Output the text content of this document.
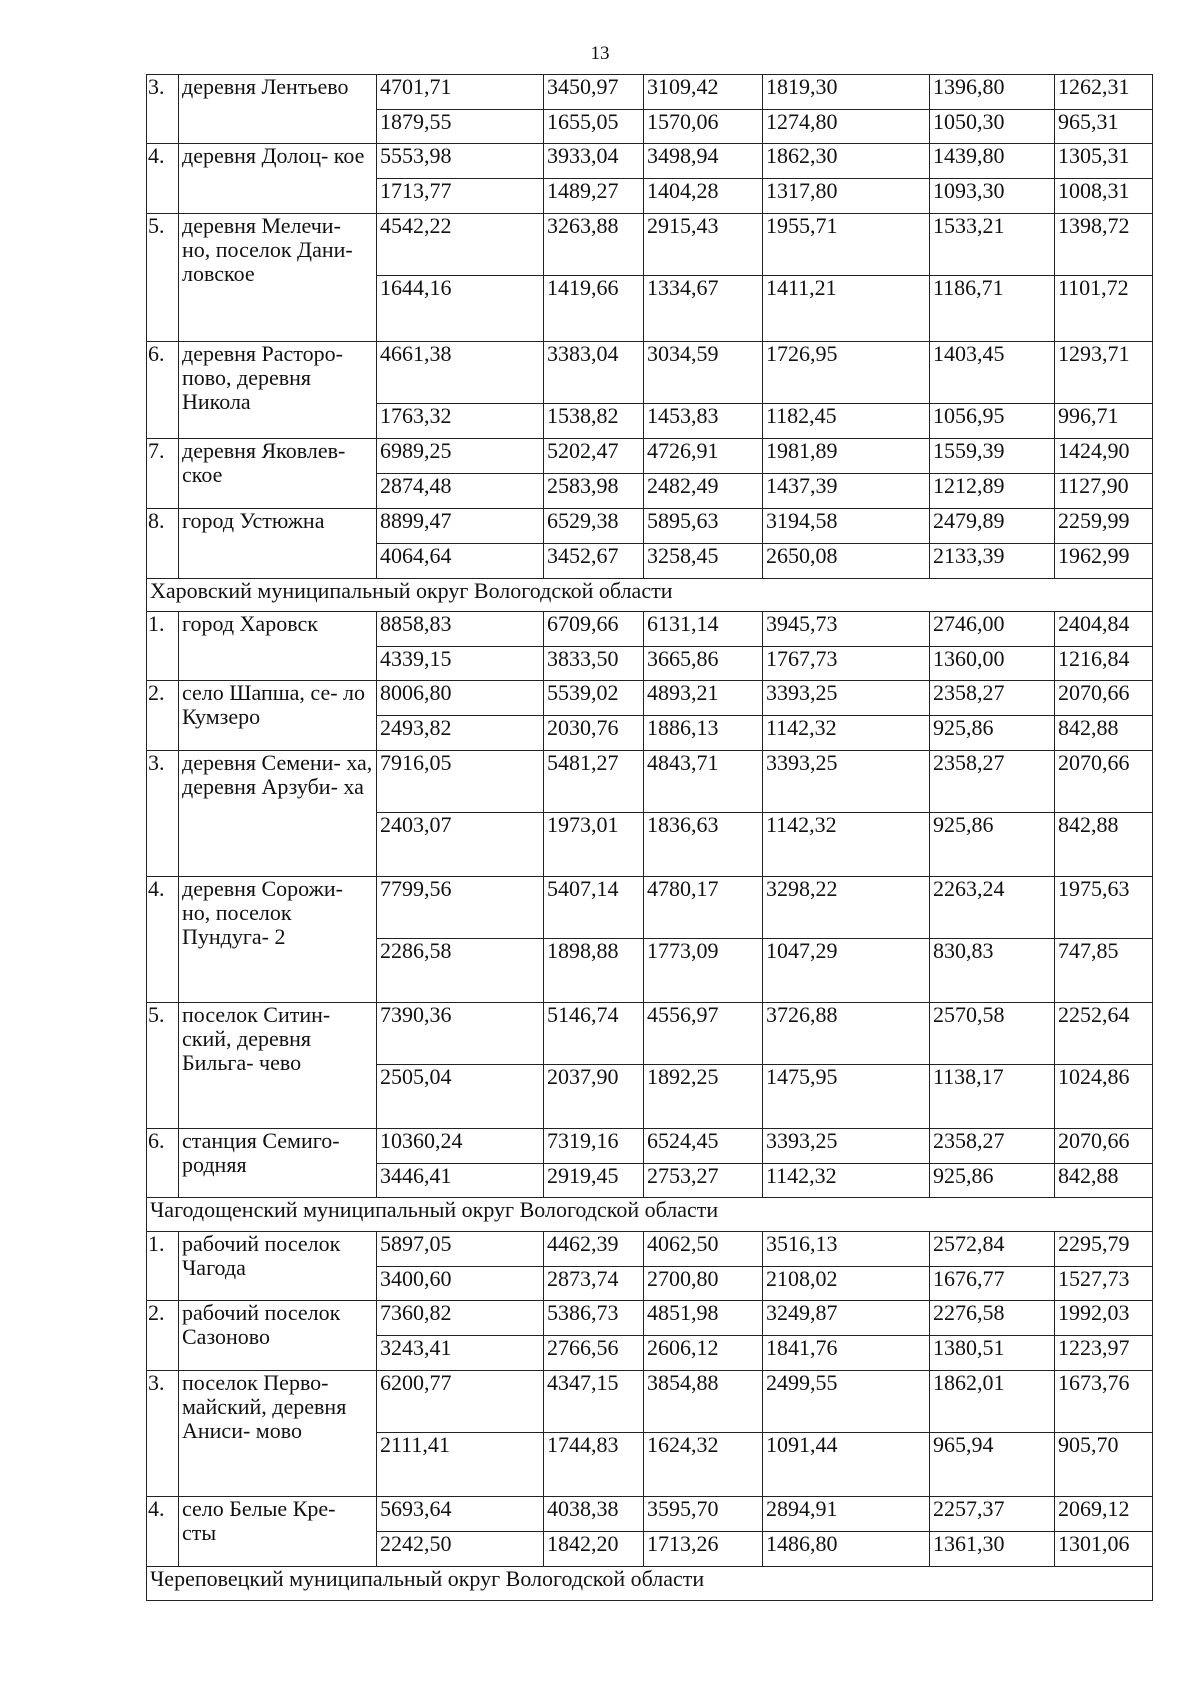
13
3.	деревня Лентьево	4701,71	3450,97	3109,42	1819,30	1396,80	1262,31
		1879,55	1655,05	1570,06	1274,80	1050,30	965,31
4.	деревня Долоц- кое	5553,98	3933,04	3498,94	1862,30	1439,80	1305,31
		1713,77	1489,27	1404,28	1317,80	1093,30	1008,31
5.	деревня Мелечи- но, поселок Дани- ловское	4542,22	3263,88	2915,43	1955,71	1533,21	1398,72
		1644,16	1419,66	1334,67	1411,21	1186,71	1101,72
6.	деревня Расторо- пово, деревня Никола	4661,38	3383,04	3034,59	1726,95	1403,45	1293,71
		1763,32	1538,82	1453,83	1182,45	1056,95	996,71
7.	деревня Яковлев- ское	6989,25	5202,47	4726,91	1981,89	1559,39	1424,90
		2874,48	2583,98	2482,49	1437,39	1212,89	1127,90
8.	город Устюжна	8899,47	6529,38	5895,63	3194,58	2479,89	2259,99
		4064,64	3452,67	3258,45	2650,08	2133,39	1962,99
Харовский муниципальный округ Вологодской области							
1.	город Харовск	8858,83	6709,66	6131,14	3945,73	2746,00	2404,84
		4339,15	3833,50	3665,86	1767,73	1360,00	1216,84
2.	село Шапша, се- ло Кумзеро	8006,80	5539,02	4893,21	3393,25	2358,27	2070,66
		2493,82	2030,76	1886,13	1142,32	925,86	842,88
3.	деревня Семени- ха, деревня Арзуби- ха	7916,05	5481,27	4843,71	3393,25	2358,27	2070,66
		2403,07	1973,01	1836,63	1142,32	925,86	842,88
4.	деревня Сорожи- но, поселок Пундуга- 2	7799,56	5407,14	4780,17	3298,22	2263,24	1975,63
		2286,58	1898,88	1773,09	1047,29	830,83	747,85
5.	поселок Ситин- ский, деревня Бильга- чево	7390,36	5146,74	4556,97	3726,88	2570,58	2252,64
		2505,04	2037,90	1892,25	1475,95	1138,17	1024,86
6.	станция Семиго- родняя	10360,24	7319,16	6524,45	3393,25	2358,27	2070,66
		3446,41	2919,45	2753,27	1142,32	925,86	842,88
Чагодощенский муниципальный округ Вологодской области							
1.	рабочий поселок Чагода	5897,05	4462,39	4062,50	3516,13	2572,84	2295,79
		3400,60	2873,74	2700,80	2108,02	1676,77	1527,73
2.	рабочий поселок Сазоново	7360,82	5386,73	4851,98	3249,87	2276,58	1992,03
		3243,41	2766,56	2606,12	1841,76	1380,51	1223,97
3.	поселок Перво- майский, деревня Аниси- мово	6200,77	4347,15	3854,88	2499,55	1862,01	1673,76
		2111,41	1744,83	1624,32	1091,44	965,94	905,70
4.	село Белые Кре- сты	5693,64	4038,38	3595,70	2894,91	2257,37	2069,12
		2242,50	1842,20	1713,26	1486,80	1361,30	1301,06
Череповецкий муниципальный округ Вологодской области							
